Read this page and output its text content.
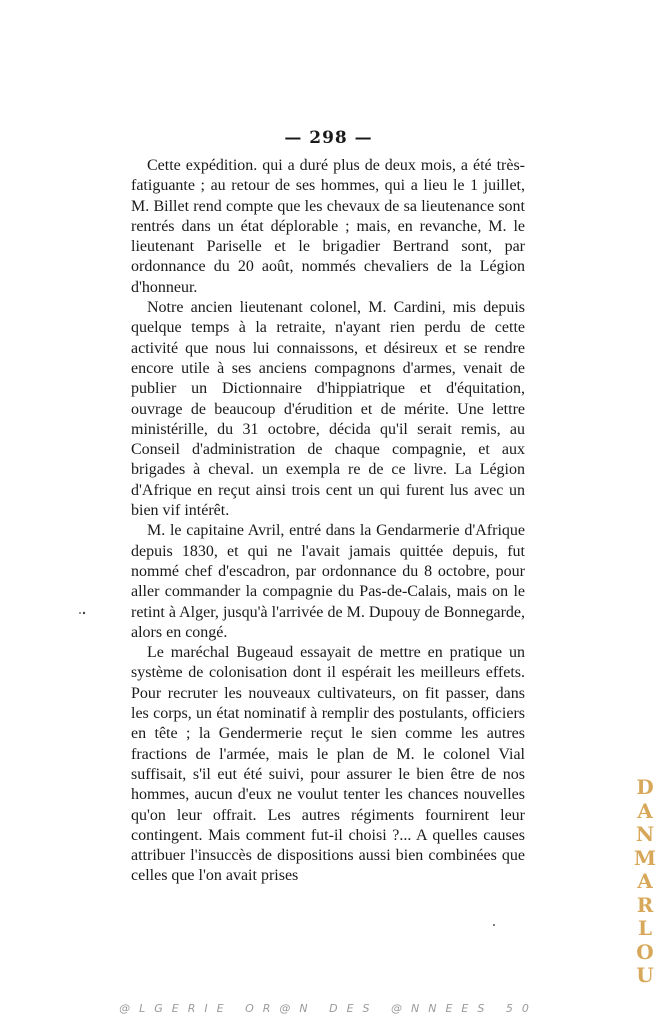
— 298 —

Cette expédition. qui a duré plus de deux mois, a été très-fatiguante ; au retour de ses hommes, qui a lieu le 1 juillet, M. Billet rend compte que les chevaux de sa lieutenance sont rentrés dans un état déplorable ; mais, en revanche, M. le lieutenant Pariselle et le brigadier Bertrand sont, par ordonnance du 20 août, nommés chevaliers de la Légion d'honneur.

Notre ancien lieutenant colonel, M. Cardini, mis depuis quelque temps à la retraite, n'ayant rien perdu de cette activité que nous lui connaissons, et désireux et se rendre encore utile à ses anciens compagnons d'armes, venait de publier un Dictionnaire d'hippiatrique et d'équitation, ouvrage de beaucoup d'érudition et de mérite. Une lettre ministérille, du 31 octobre, décida qu'il serait remis, au Conseil d'administration de chaque compagnie, et aux brigades à cheval. un exempla re de ce livre. La Légion d'Afrique en reçut ainsi trois cent un qui furent lus avec un bien vif intérêt.

M. le capitaine Avril, entré dans la Gendarmerie d'Afrique depuis 1830, et qui ne l'avait jamais quittée depuis, fut nommé chef d'escadron, par ordonnance du 8 octobre, pour aller commander la compagnie du Pas-de-Calais, mais on le retint à Alger, jusqu'à l'arrivée de M. Dupouy de Bonnegarde, alors en congé.

Le maréchal Bugeaud essayait de mettre en pratique un système de colonisation dont il espérait les meilleurs effets. Pour recruter les nouveaux cultivateurs, on fit passer, dans les corps, un état nominatif à remplir des postulants, officiers en tête ; la Gendermerie reçut le sien comme les autres fractions de l'armée, mais le plan de M. le colonel Vial suffisait, s'il eut été suivi, pour assurer le bien être de nos hommes, aucun d'eux ne voulut tenter les chances nouvelles qu'on leur offrait. Les autres régiments fournirent leur contingent. Mais comment fut-il choisi ?... A quelles causes attribuer l'insuccès de dispositions aussi bien combinées que celles que l'on avait prises

D
A
N
M
A
R
L
O
U
@LGERIE OR@N DES @NNEES 50
